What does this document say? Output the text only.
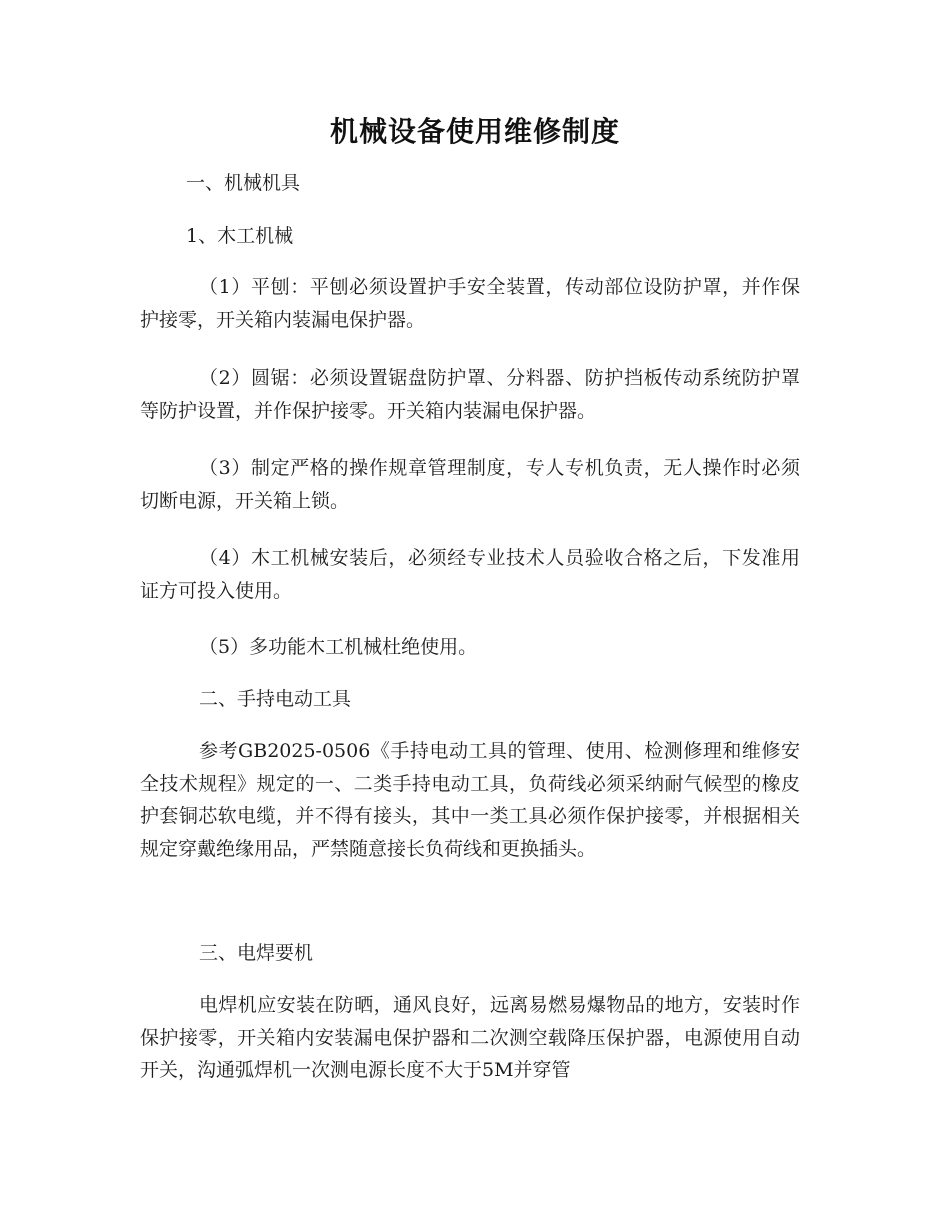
机械设备使用维修制度
一、机械机具
1、木工机械
（1）平刨：平刨必须设置护手安全装置，传动部位设防护罩，并作保护接零，开关箱内装漏电保护器。
（2）圆锯：必须设置锯盘防护罩、分料器、防护挡板传动系统防护罩等防护设置，并作保护接零。开关箱内装漏电保护器。
（3）制定严格的操作规章管理制度，专人专机负责，无人操作时必须切断电源，开关箱上锁。
（4）木工机械安装后，必须经专业技术人员验收合格之后，下发准用证方可投入使用。
（5）多功能木工机械杜绝使用。
二、手持电动工具
参考GB2025-0506《手持电动工具的管理、使用、检测修理和维修安全技术规程》规定的一、二类手持电动工具，负荷线必须采纳耐气候型的橡皮护套铜芯软电缆，并不得有接头，其中一类工具必须作保护接零，并根据相关规定穿戴绝缘用品，严禁随意接长负荷线和更换插头。
三、电焊要机
电焊机应安装在防晒，通风良好，远离易燃易爆物品的地方，安装时作保护接零，开关箱内安装漏电保护器和二次测空载降压保护器，电源使用自动开关，沟通弧焊机一次测电源长度不大于5M并穿管
